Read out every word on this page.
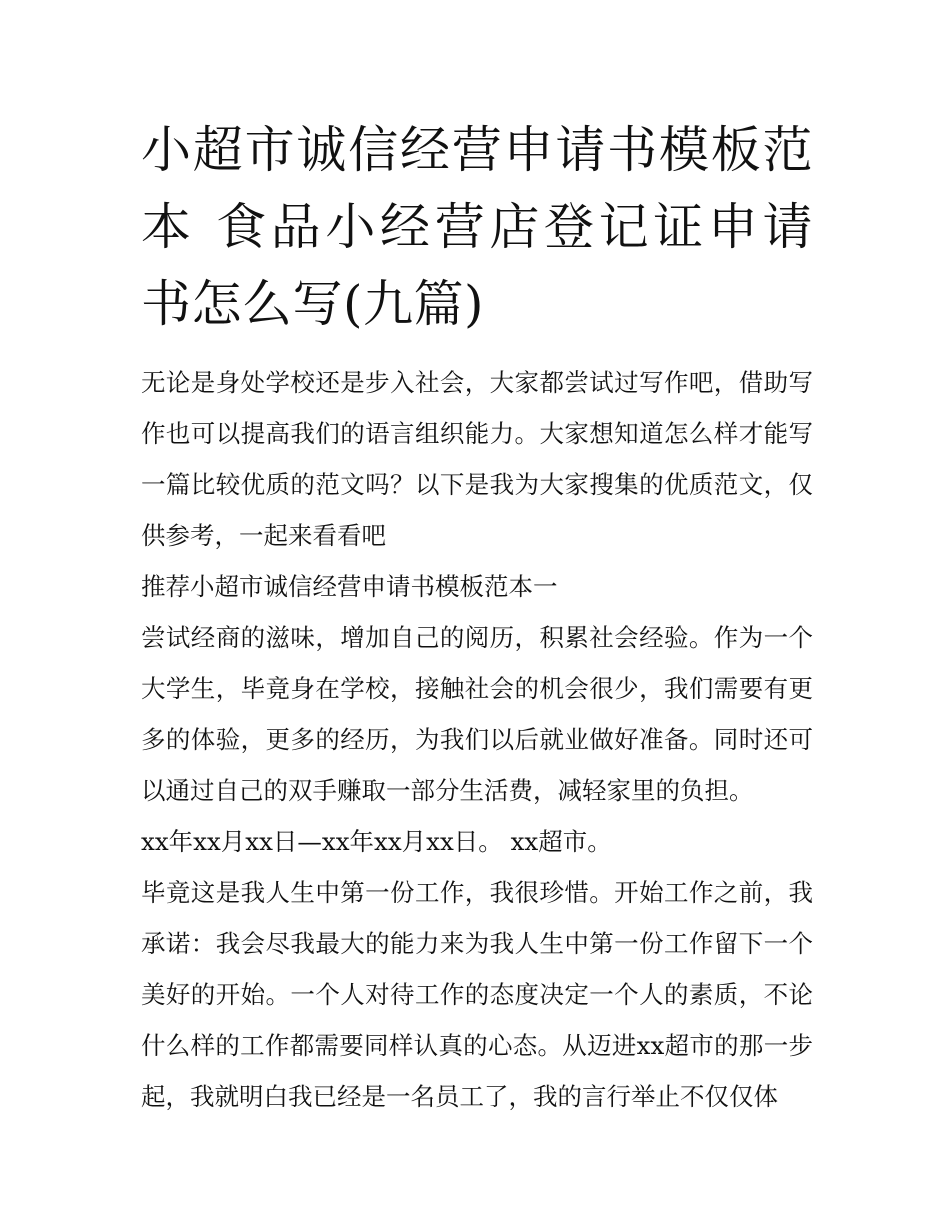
小超市诚信经营申请书模板范本 食品小经营店登记证申请书怎么写(九篇)

无论是身处学校还是步入社会，大家都尝试过写作吧，借助写作也可以提高我们的语言组织能力。大家想知道怎么样才能写一篇比较优质的范文吗？以下是我为大家搜集的优质范文，仅供参考，一起来看看吧

推荐小超市诚信经营申请书模板范本一

尝试经商的滋味，增加自己的阅历，积累社会经验。作为一个大学生，毕竟身在学校，接触社会的机会很少，我们需要有更多的体验，更多的经历，为我们以后就业做好准备。同时还可以通过自己的双手赚取一部分生活费，减轻家里的负担。

xx年xx月xx日—xx年xx月xx日。 xx超市。

毕竟这是我人生中第一份工作，我很珍惜。开始工作之前，我承诺：我会尽我最大的能力来为我人生中第一份工作留下一个美好的开始。一个人对待工作的态度决定一个人的素质，不论什么样的工作都需要同样认真的心态。从迈进xx超市的那一步起，我就明白我已经是一名员工了，我的言行举止不仅仅体
